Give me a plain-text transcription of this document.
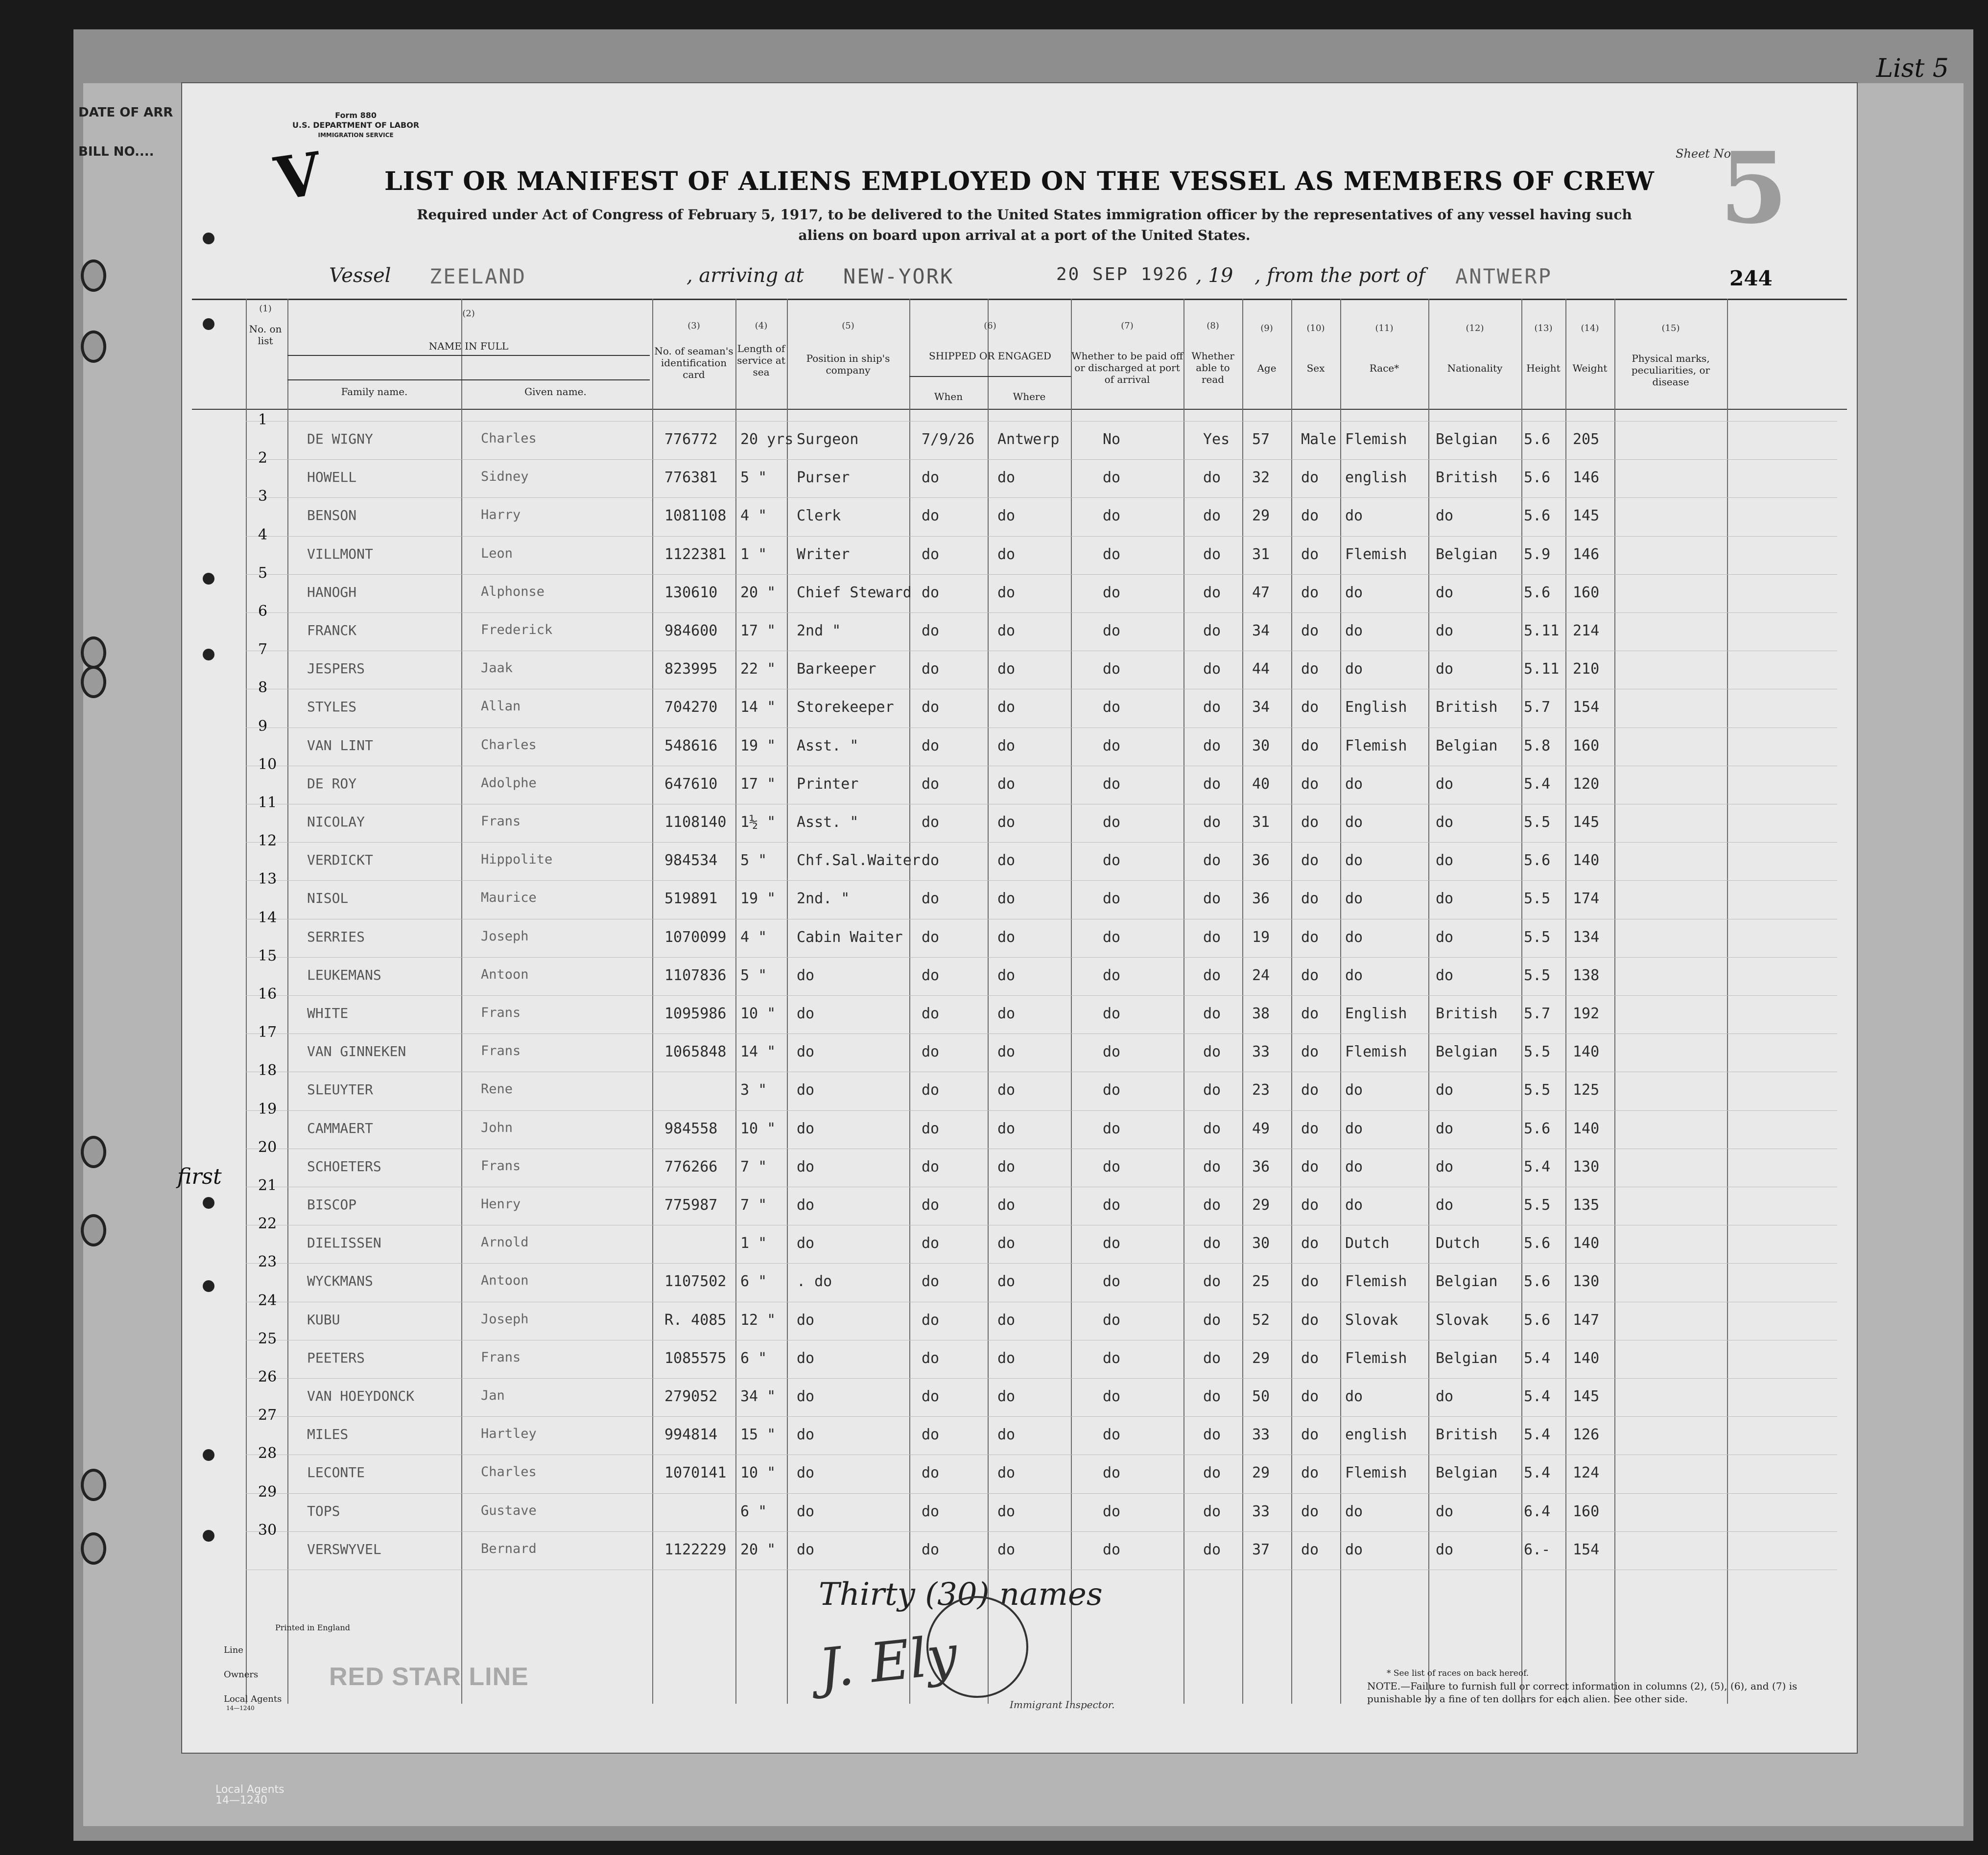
List 5
DATE OF ARR
BILL NO....
Local Agents
14—1240
Form 880
U.S. DEPARTMENT OF LABOR
IMMIGRATION SERVICE
V	LIST OR MANIFEST OF ALIENS EMPLOYED ON THE VESSEL AS MEMBERS OF CREW
Required under Act of Congress of February 5, 1917, to be delivered to the United States immigration officer by the representatives of any vessel having such aliens on board upon arrival at a port of the United States.
Sheet No.
5
Vessel ZEELAND	, arriving at NEW-YORK	20 SEP 1926 , 19 , from the port of ANTWERP	244
(1)
No. on list
(2)
NAME IN FULL
Family name.	Given name.
(3)
No. of seaman's identification card
(4)
Length of service at sea
(5)
Position in ship's company
(6)
SHIPPED OR ENGAGED
When	Where
(7)
Whether to be paid off or discharged at port of arrival
(8)
Whether able to read
(9)
Age
(10)
Sex
(11)
Race*
(12)
Nationality
(13)
Height
(14)
Weight
(15)
Physical marks, peculiarities, or disease
1
DE WIGNY	Charles	776772 20 yrs Surgeon	7/9/26 Antwerp	No	Yes 57 Male Flemish Belgian 5.6 205
2
HOWELL	Sidney	776381 5 " Purser	do	do	do	do 32 do english British 5.6 146
3
BENSON	Harry	1081108 4 " Clerk	do	do	do	do 29 do do	do	5.6 145
4
VILLMONT	Leon	1122381 1 " Writer	do	do	do	do 31 do Flemish Belgian 5.9 146
5
HANOGH	Alphonse	130610 20 " Chief Steward do	do	do	do 47 do do	do	5.6 160
6
FRANCK	Frederick	984600 17 " 2nd "	do	do	do	do 34 do do	do	5.11 214
7
JESPERS	Jaak	823995 22 " Barkeeper	do	do	do	do 44 do do	do	5.11 210
8
STYLES	Allan	704270 14 " Storekeeper do	do	do	do 34 do English British 5.7 154
9
VAN LINT	Charles	548616 19 " Asst. "	do	do	do	do 30 do Flemish Belgian 5.8 160
10
DE ROY	Adolphe	647610 17 " Printer	do	do	do	do 40 do do	do	5.4 120
11
NICOLAY	Frans	1108140 1½ " Asst. "	do	do	do	do 31 do do	do	5.5 145
12
VERDICKT	Hippolite	984534 5 " Chf.Sal.Waiter do	do	do	do 36 do do	do	5.6 140
13
NISOL	Maurice	519891 19 " 2nd. "	do	do	do	do 36 do do	do	5.5 174
14
SERRIES	Joseph	1070099 4 " Cabin Waiter do	do	do	do 19 do do	do	5.5 134
15
LEUKEMANS	Antoon	1107836 5 " do	do	do	do	do 24 do do	do	5.5 138
16
WHITE	Frans	1095986 10 " do	do	do	do	do 38 do English British 5.7 192
17
VAN GINNEKEN	Frans	1065848 14 " do	do	do	do	do 33 do Flemish Belgian 5.5 140
18
SLEUYTER	Rene	3 " do	do	do	do	do 23 do do	do	5.5 125
19
CAMMAERT	John	984558 10 " do	do	do	do	do 49 do do	do	5.6 140
20
SCHOETERS	Frans	776266 7 " do	do	do	do	do 36 do do	do	5.4 130
21
BISCOP	Henry	775987 7 " do	do	do	do	do 29 do do	do	5.5 135
22
DIELISSEN	Arnold	1 " do	do	do	do	do 30 do Dutch	Dutch	5.6 140
23
WYCKMANS	Antoon	1107502 6 " . do	do	do	do	do 25 do Flemish Belgian 5.6 130
24
KUBU	Joseph	R. 4085 12 " do	do	do	do	do 52 do Slovak	Slovak 5.6 147
25
PEETERS	Frans	1085575 6 " do	do	do	do	do 29 do Flemish Belgian 5.4 140
26
VAN HOEYDONCK	Jan	279052 34 " do	do	do	do	do 50 do do	do	5.4 145
27
MILES	Hartley	994814 15 " do	do	do	do	do 33 do english British 5.4 126
28
LECONTE	Charles	1070141 10 " do	do	do	do	do 29 do Flemish Belgian 5.4 124
29
TOPS	Gustave	6 " do	do	do	do	do 33 do do	do	6.4 160
30
VERSWYVEL	Bernard	1122229 20 " do	do	do	do	do 37 do do	do	6.- 154
first
Printed in England
Line
Owners
Local Agents
14—1240
RED STAR LINE
Thirty (30) names
J. Ely
Immigrant Inspector.
* See list of races on back hereof.
NOTE.—Failure to furnish full or correct information in columns (2), (5), (6), and (7) is punishable by a fine of ten dollars for each alien. See other side.
